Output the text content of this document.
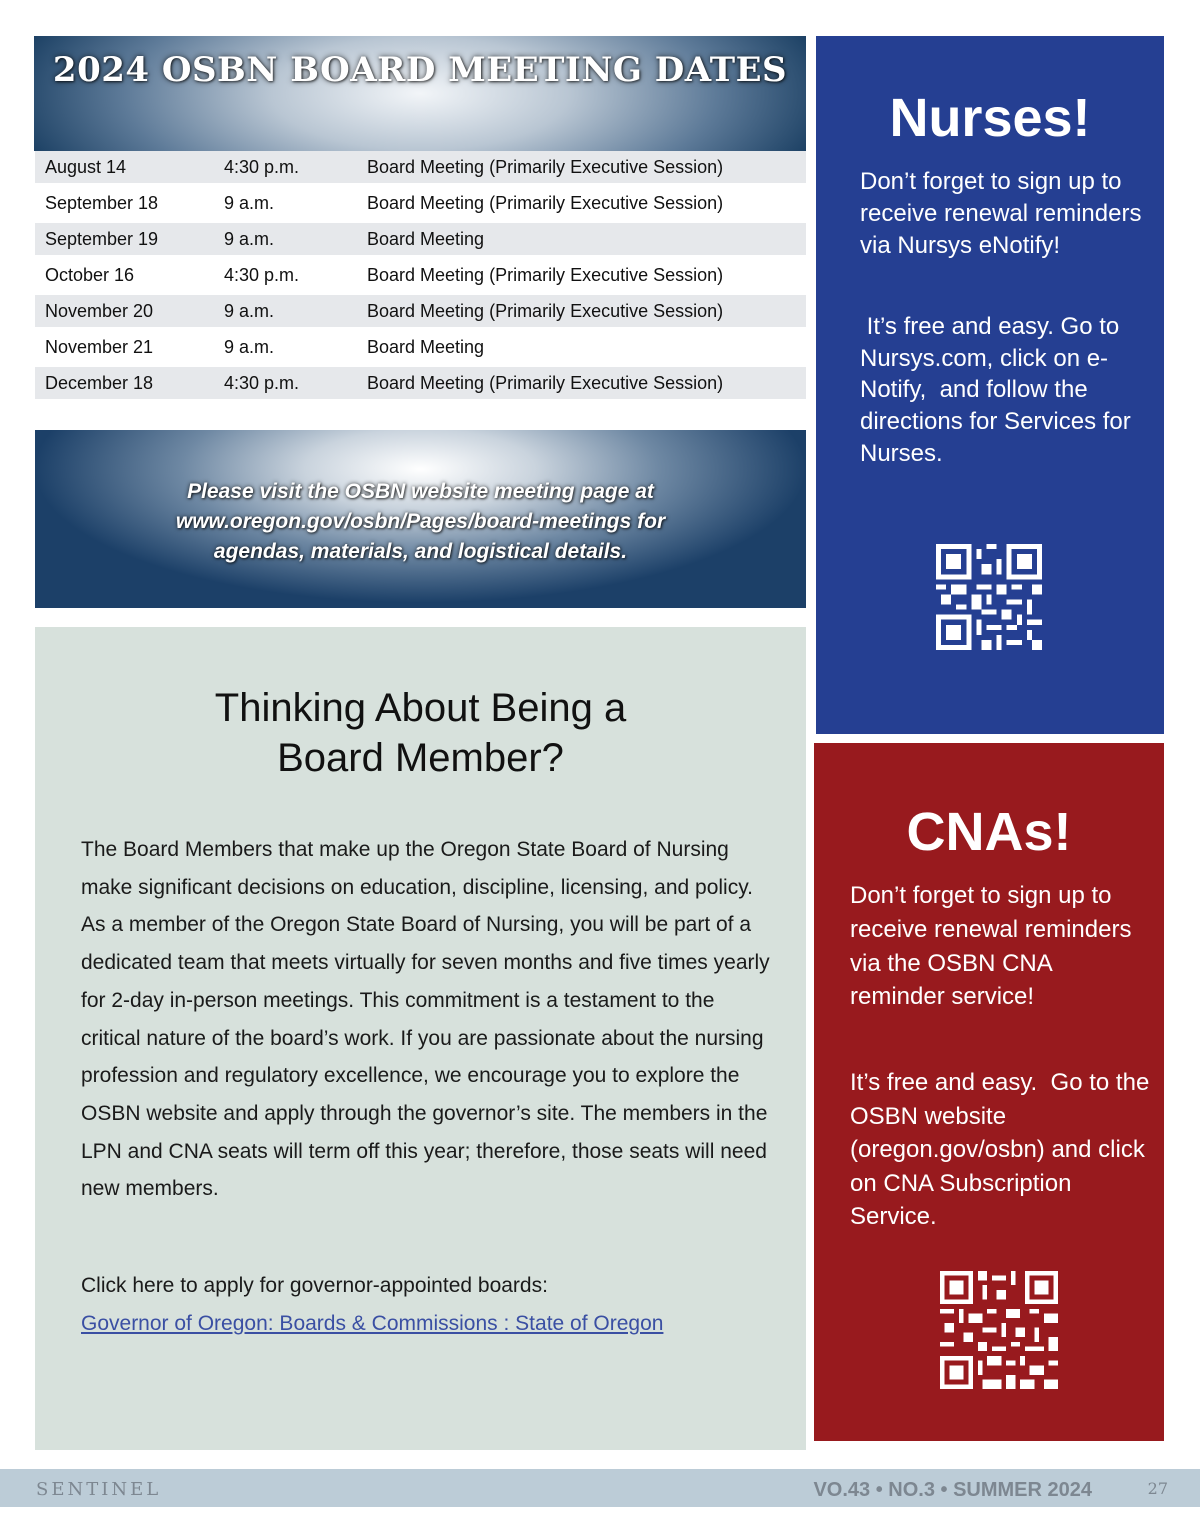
2024 OSBN BOARD MEETING DATES
August 14	4:30 p.m.	Board Meeting (Primarily Executive Session)
September 18	9 a.m.	Board Meeting (Primarily Executive Session)
September 19	9 a.m.	Board Meeting
October 16	4:30 p.m.	Board Meeting (Primarily Executive Session)
November 20	9 a.m.	Board Meeting (Primarily Executive Session)
November 21	9 a.m.	Board Meeting
December 18	4:30 p.m.	Board Meeting (Primarily Executive Session)
Please visit the OSBN website meeting page at www.oregon.gov/osbn/Pages/board-meetings for agendas, materials, and logistical details.
Thinking About Being a Board Member?
The Board Members that make up the Oregon State Board of Nursing make significant decisions on education, discipline, licensing, and policy. As a member of the Oregon State Board of Nursing, you will be part of a dedicated team that meets virtually for seven months and five times yearly for 2-day in-person meetings. This commitment is a testament to the critical nature of the board’s work. If you are passionate about the nursing profession and regulatory excellence, we encourage you to explore the OSBN website and apply through the governor’s site. The members in the LPN and CNA seats will term off this year; therefore, those seats will need new members.
Click here to apply for governor-appointed boards:
Governor of Oregon: Boards & Commissions : State of Oregon
Nurses!
Don’t forget to sign up to receive renewal reminders via Nursys eNotify!
It’s free and easy. Go to Nursys.com, click on e-Notify,  and follow the directions for Services for Nurses.
CNAs!
Don’t forget to sign up to receive renewal reminders via the OSBN CNA reminder service!
It’s free and easy.  Go to the OSBN website (oregon.gov/osbn) and click on CNA Subscription Service.
SENTINEL	VO.43 • NO.3 • SUMMER 2024	27
